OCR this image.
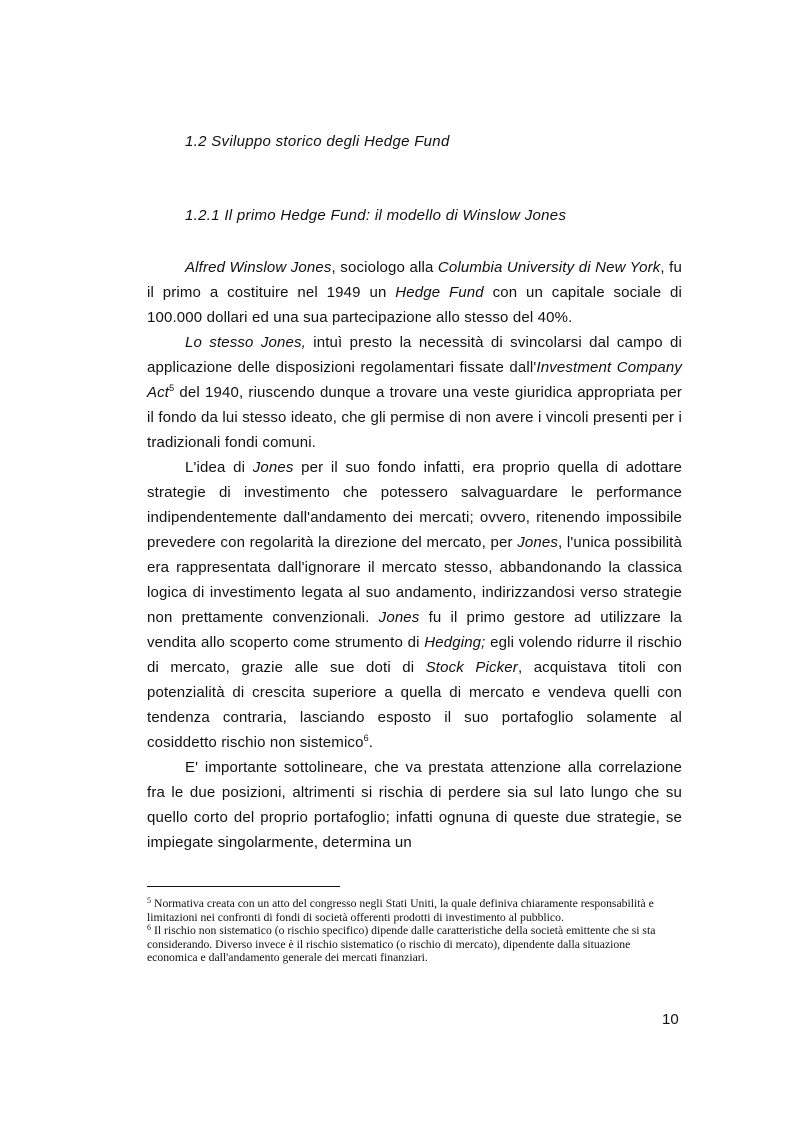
1.2 Sviluppo storico degli Hedge Fund
1.2.1 Il primo Hedge Fund: il modello di Winslow Jones

Alfred Winslow Jones, sociologo alla Columbia University di New York, fu il primo a costituire nel 1949 un Hedge Fund con un capitale sociale di 100.000 dollari ed una sua partecipazione allo stesso del 40%.

Lo stesso Jones, intuì presto la necessità di svincolarsi dal campo di applicazione delle disposizioni regolamentari fissate dall'Investment Company Act$^5$ del 1940, riuscendo dunque a trovare una veste giuridica appropriata per il fondo da lui stesso ideato, che gli permise di non avere i vincoli presenti per i tradizionali fondi comuni.

L'idea di Jones per il suo fondo infatti, era proprio quella di adottare strategie di investimento che potessero salvaguardare le performance indipendentemente dall'andamento dei mercati; ovvero, ritenendo impossibile prevedere con regolarità la direzione del mercato, per Jones, l'unica possibilità era rappresentata dall'ignorare il mercato stesso, abbandonando la classica logica di investimento legata al suo andamento, indirizzandosi verso strategie non prettamente convenzionali. Jones fu il primo gestore ad utilizzare la vendita allo scoperto come strumento di Hedging; egli volendo ridurre il rischio di mercato, grazie alle sue doti di Stock Picker, acquistava titoli con potenzialità di crescita superiore a quella di mercato e vendeva quelli con tendenza contraria, lasciando esposto il suo portafoglio solamente al cosiddetto rischio non sistemico$^6$.

E' importante sottolineare, che va prestata attenzione alla correlazione fra le due posizioni, altrimenti si rischia di perdere sia sul lato lungo che su quello corto del proprio portafoglio; infatti ognuna di queste due strategie, se impiegate singolarmente, determina un

$^5$ Normativa creata con un atto del congresso negli Stati Uniti, la quale definiva chiaramente responsabilità e limitazioni nei confronti di fondi di società offerenti prodotti di investimento al pubblico.

$^6$ Il rischio non sistematico (o rischio specifico) dipende dalle caratteristiche della società emittente che si sta considerando. Diverso invece è il rischio sistematico (o rischio di mercato), dipendente dalla situazione economica e dall'andamento generale dei mercati finanziari.

10
